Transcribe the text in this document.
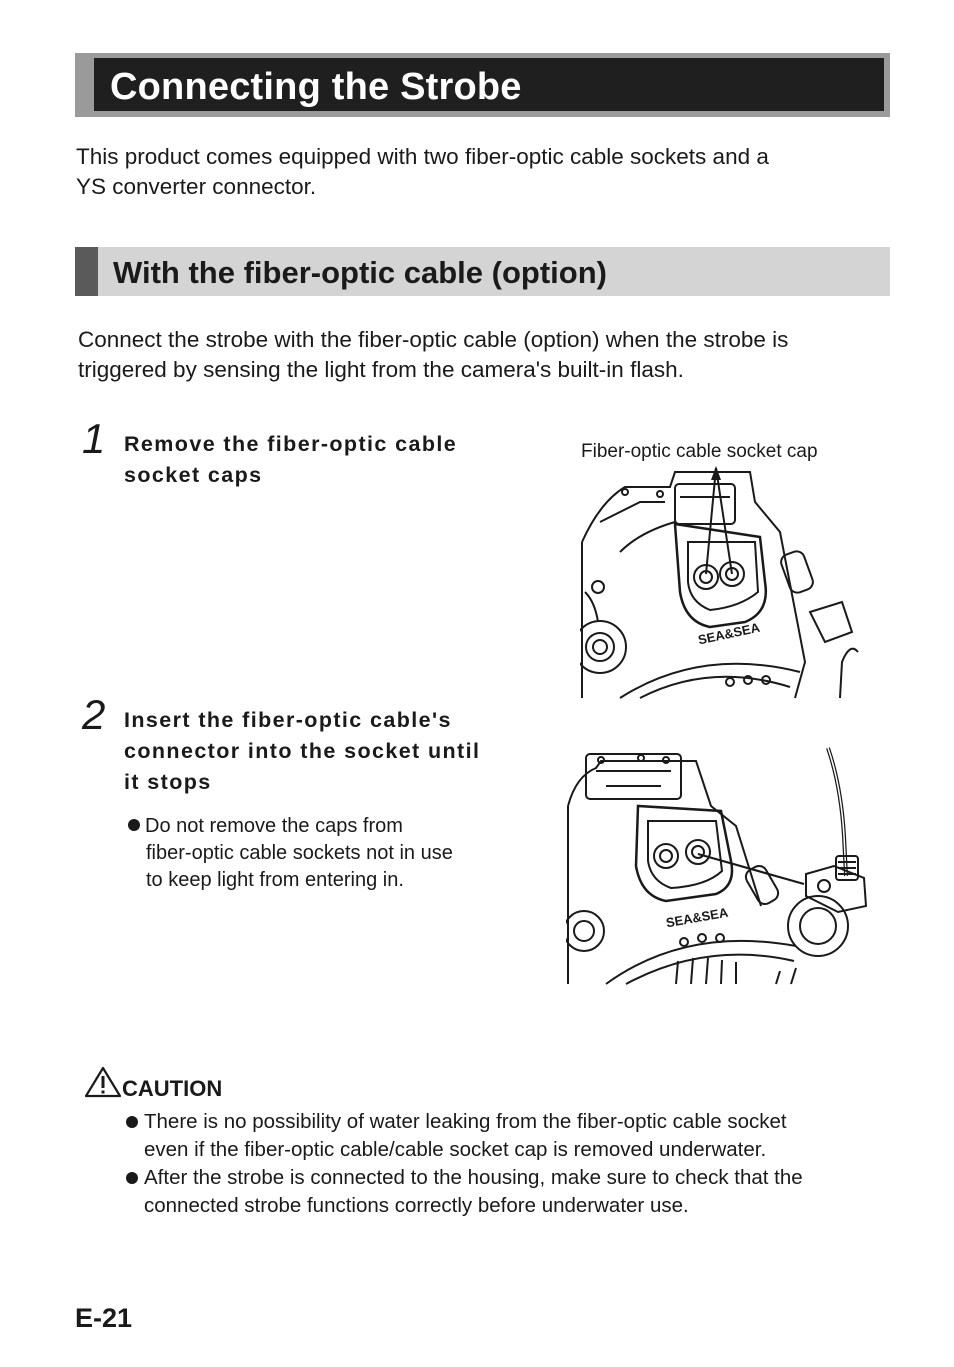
Connecting the Strobe
This product comes equipped with two fiber-optic cable sockets and a
YS converter connector.
With the fiber-optic cable (option)
Connect the strobe with the fiber-optic cable (option) when the strobe is
triggered by sensing the light from the camera's built-in flash.
1 Remove the fiber-optic cable
socket caps
2 Insert the fiber-optic cable's
connector into the socket until
it stops
Do not remove the caps from
fiber-optic cable sockets not in use
to keep light from entering in.
Fiber-optic cable socket cap
SEA&SEA
SEA&SEA
CAUTION
There is no possibility of water leaking from the fiber-optic cable socket
even if the fiber-optic cable/cable socket cap is removed underwater.
After the strobe is connected to the housing, make sure to check that the
connected strobe functions correctly before underwater use.
E-21
